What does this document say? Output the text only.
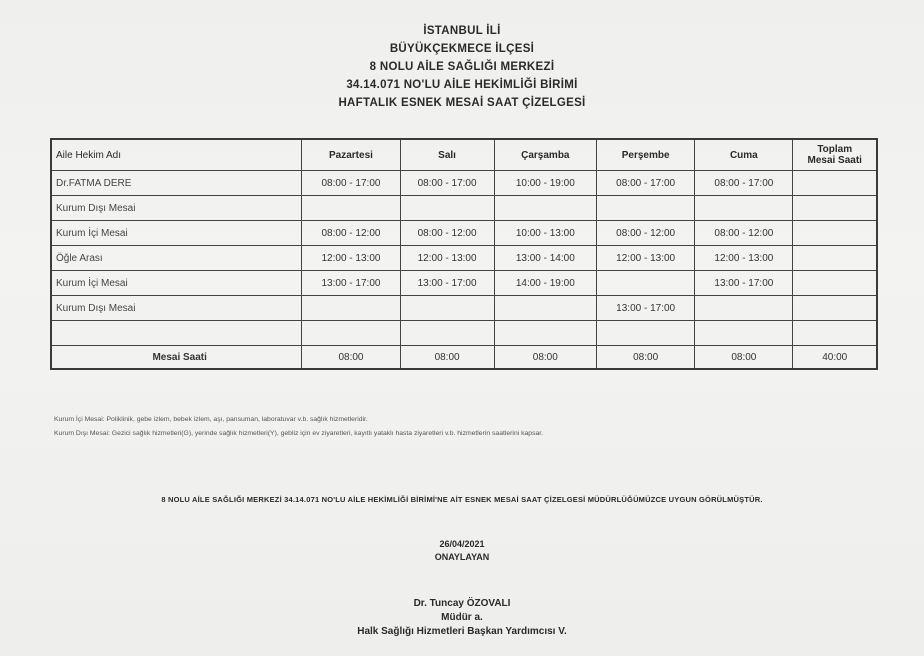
İSTANBUL İLİ
BÜYÜKÇEKMECE İLÇESİ
8 NOLU AİLE SAĞLIĞI MERKEZİ
34.14.071 NO'LU AİLE HEKİMLİĞİ BİRİMİ
HAFTALIK ESNEK MESAİ SAAT ÇİZELGESİ
Aile Hekim Adı	Pazartesi	Salı	Çarşamba	Perşembe	Cuma	Toplam
Mesai Saati
Dr.FATMA DERE	08:00 - 17:00	08:00 - 17:00	10:00 - 19:00	08:00 - 17:00	08:00 - 17:00	
Kurum Dışı Mesai						
Kurum İçi Mesai	08:00 - 12:00	08:00 - 12:00	10:00 - 13:00	08:00 - 12:00	08:00 - 12:00	
Öğle Arası	12:00 - 13:00	12:00 - 13:00	13:00 - 14:00	12:00 - 13:00	12:00 - 13:00	
Kurum İçi Mesai	13:00 - 17:00	13:00 - 17:00	14:00 - 19:00		13:00 - 17:00	
Kurum Dışı Mesai				13:00 - 17:00		

Mesai Saati	08:00	08:00	08:00	08:00	08:00	40:00
Kurum İçi Mesai: Poliklinik, gebe izlem, bebek izlem, aşı, pansuman, laboratuvar v.b. sağlık hizmetleridir.
Kurum Dışı Mesai: Gezici sağlık hizmetleri(G), yerinde sağlık hizmetleri(Y), gebliz için ev ziyaretleri, kayıtlı yataklı hasta ziyaretleri v.b. hizmetlerin saatlerini kapsar.
8 NOLU AİLE SAĞLIĞI MERKEZİ 34.14.071 NO'LU AİLE HEKİMLİĞİ BİRİMİ'NE AİT ESNEK MESAİ SAAT ÇİZELGESİ MÜDÜRLÜĞÜMÜZCE UYGUN GÖRÜLMÜŞTÜR.
26/04/2021
ONAYLAYAN
Dr. Tuncay ÖZOVALI
Müdür a.
Halk Sağlığı Hizmetleri Başkan Yardımcısı V.
